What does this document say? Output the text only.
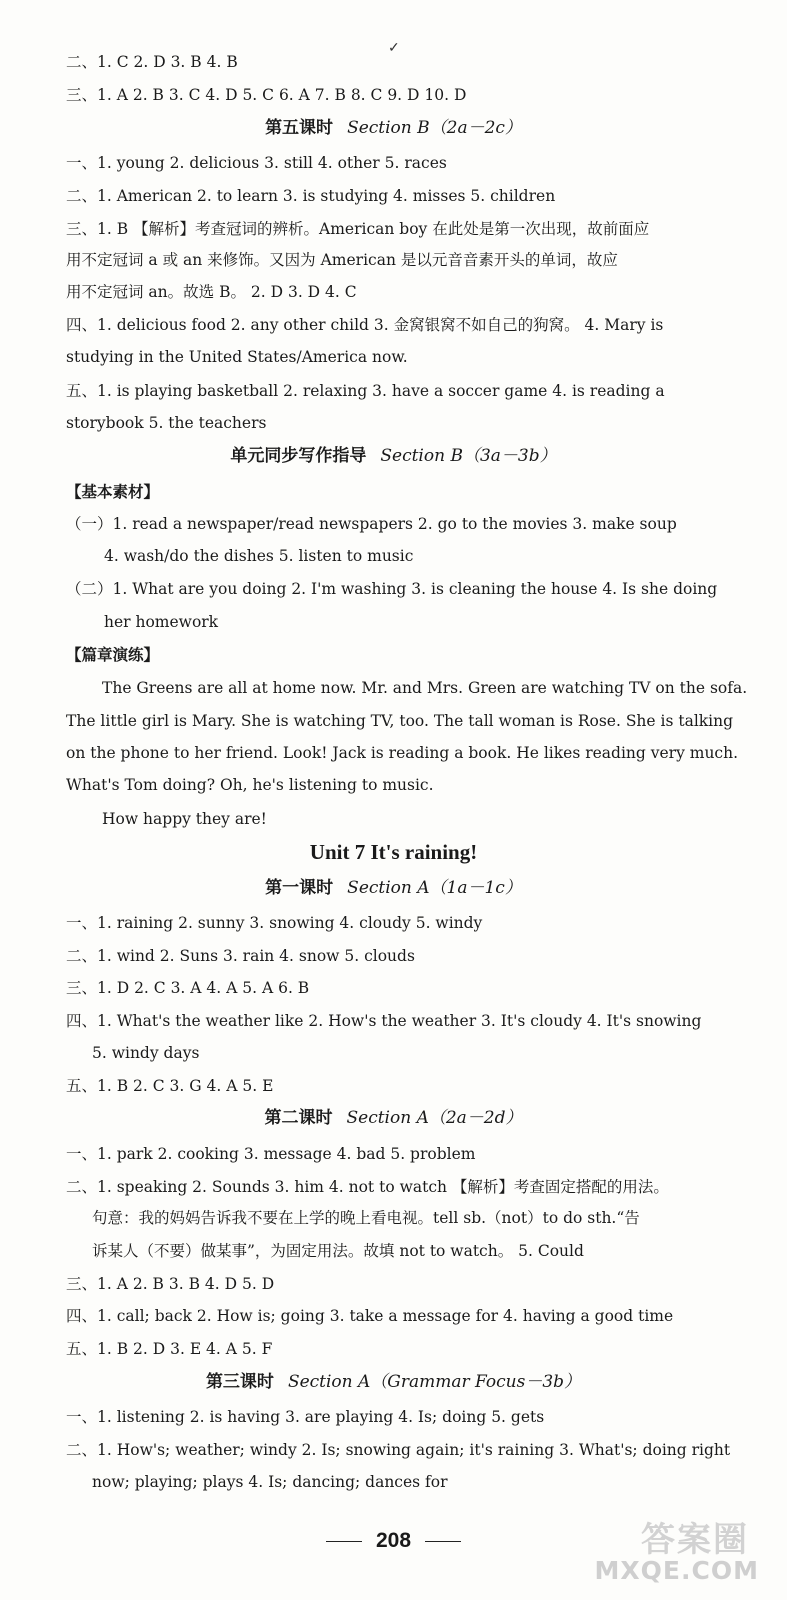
✓
二、1. C 2. D 3. B 4. B
三、1. A 2. B 3. C 4. D 5. C 6. A 7. B 8. C 9. D 10. D
第五课时 Section B（2a－2c）
一、1. young 2. delicious 3. still 4. other 5. races
二、1. American 2. to learn 3. is studying 4. misses 5. children
三、1. B 【解析】考查冠词的辨析。American boy 在此处是第一次出现，故前面应
用不定冠词 a 或 an 来修饰。又因为 American 是以元音音素开头的单词，故应
用不定冠词 an。故选 B。 2. D 3. D 4. C
四、1. delicious food 2. any other child 3. 金窝银窝不如自己的狗窝。 4. Mary is
studying in the United States/America now.
五、1. is playing basketball 2. relaxing 3. have a soccer game 4. is reading a
storybook 5. the teachers
单元同步写作指导 Section B（3a－3b）
【基本素材】
（一）1. read a newspaper/read newspapers 2. go to the movies 3. make soup
4. wash/do the dishes 5. listen to music
（二）1. What are you doing 2. I'm washing 3. is cleaning the house 4. Is she doing
her homework
【篇章演练】
The Greens are all at home now. Mr. and Mrs. Green are watching TV on the sofa.
The little girl is Mary. She is watching TV, too. The tall woman is Rose. She is talking
on the phone to her friend. Look! Jack is reading a book. He likes reading very much.
What's Tom doing? Oh, he's listening to music.
How happy they are!
Unit 7 It's raining!
第一课时 Section A（1a－1c）
一、1. raining 2. sunny 3. snowing 4. cloudy 5. windy
二、1. wind 2. Suns 3. rain 4. snow 5. clouds
三、1. D 2. C 3. A 4. A 5. A 6. B
四、1. What's the weather like 2. How's the weather 3. It's cloudy 4. It's snowing
5. windy days
五、1. B 2. C 3. G 4. A 5. E
第二课时 Section A（2a－2d）
一、1. park 2. cooking 3. message 4. bad 5. problem
二、1. speaking 2. Sounds 3. him 4. not to watch 【解析】考查固定搭配的用法。
句意：我的妈妈告诉我不要在上学的晚上看电视。tell sb.（not）to do sth.“告
诉某人（不要）做某事”，为固定用法。故填 not to watch。 5. Could
三、1. A 2. B 3. B 4. D 5. D
四、1. call; back 2. How is; going 3. take a message for 4. having a good time
五、1. B 2. D 3. E 4. A 5. F
第三课时 Section A（Grammar Focus－3b）
一、1. listening 2. is having 3. are playing 4. Is; doing 5. gets
二、1. How's; weather; windy 2. Is; snowing again; it's raining 3. What's; doing right
now; playing; plays 4. Is; dancing; dances for
208	答案圈
MXQE.COM
